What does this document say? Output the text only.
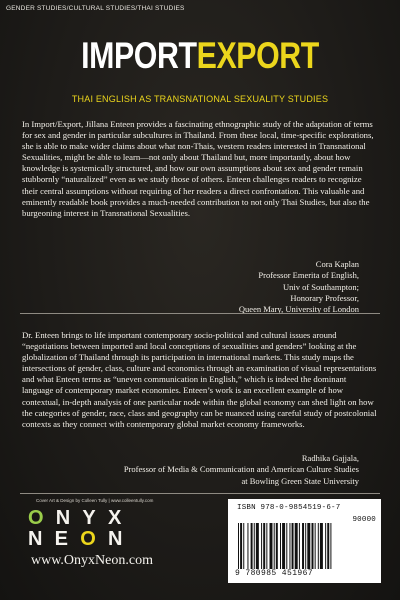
GENDER STUDIES/CULTURAL STUDIES/THAI STUDIES
IMPORTEXPORT
THAI ENGLISH AS TRANSNATIONAL SEXUALITY STUDIES

In Import/Export, Jillana Enteen provides a fascinating ethnographic study of the adaptation of terms for sex and gender in particular subcultures in Thailand. From these local, time-specific explorations, she is able to make wider claims about what non-Thais, western readers interested in Transnational Sexualities, might be able to learn—not only about Thailand but, more importantly, about how knowledge is systemically structured, and how our own assumptions about sex and gender remain stubbornly “naturalized” even as we study those of others. Enteen challenges readers to recognize their central assumptions without requiring of her readers a direct confrontation. This valuable and eminently readable book provides a much-needed contribution to not only Thai Studies, but also the burgeoning interest in Transnational Sexualities.

Cora Kaplan
Professor Emerita of English,
Univ of Southampton;
Honorary Professor,
Queen Mary, University of London

Dr. Enteen brings to life important contemporary socio-political and cultural issues around “negotiations between imported and local conceptions of sexualities and genders” looking at the globalization of Thailand through its participation in international markets. This study maps the intersections of gender, class, culture and economics through an examination of visual representations and what Enteen terms as “uneven communication in English,” which is indeed the dominant language of contemporary market economies. Enteen’s work is an excellent example of how contextual, in-depth analysis of one particular node within the global economy can shed light on how the categories of gender, race, class and geography can be nuanced using careful study of postcolonial contexts as they connect with contemporary global market economy frameworks.

Radhika Gajjala,
Professor of Media & Communication and American Culture Studies
at Bowling Green State University
Cover Art & Design by Colleen Tully | www.colleentully.com
ONYX
NEON
www.OnyxNeon.com
ISBN 978-0-9854519-6-7
90000
9 780985 451967
